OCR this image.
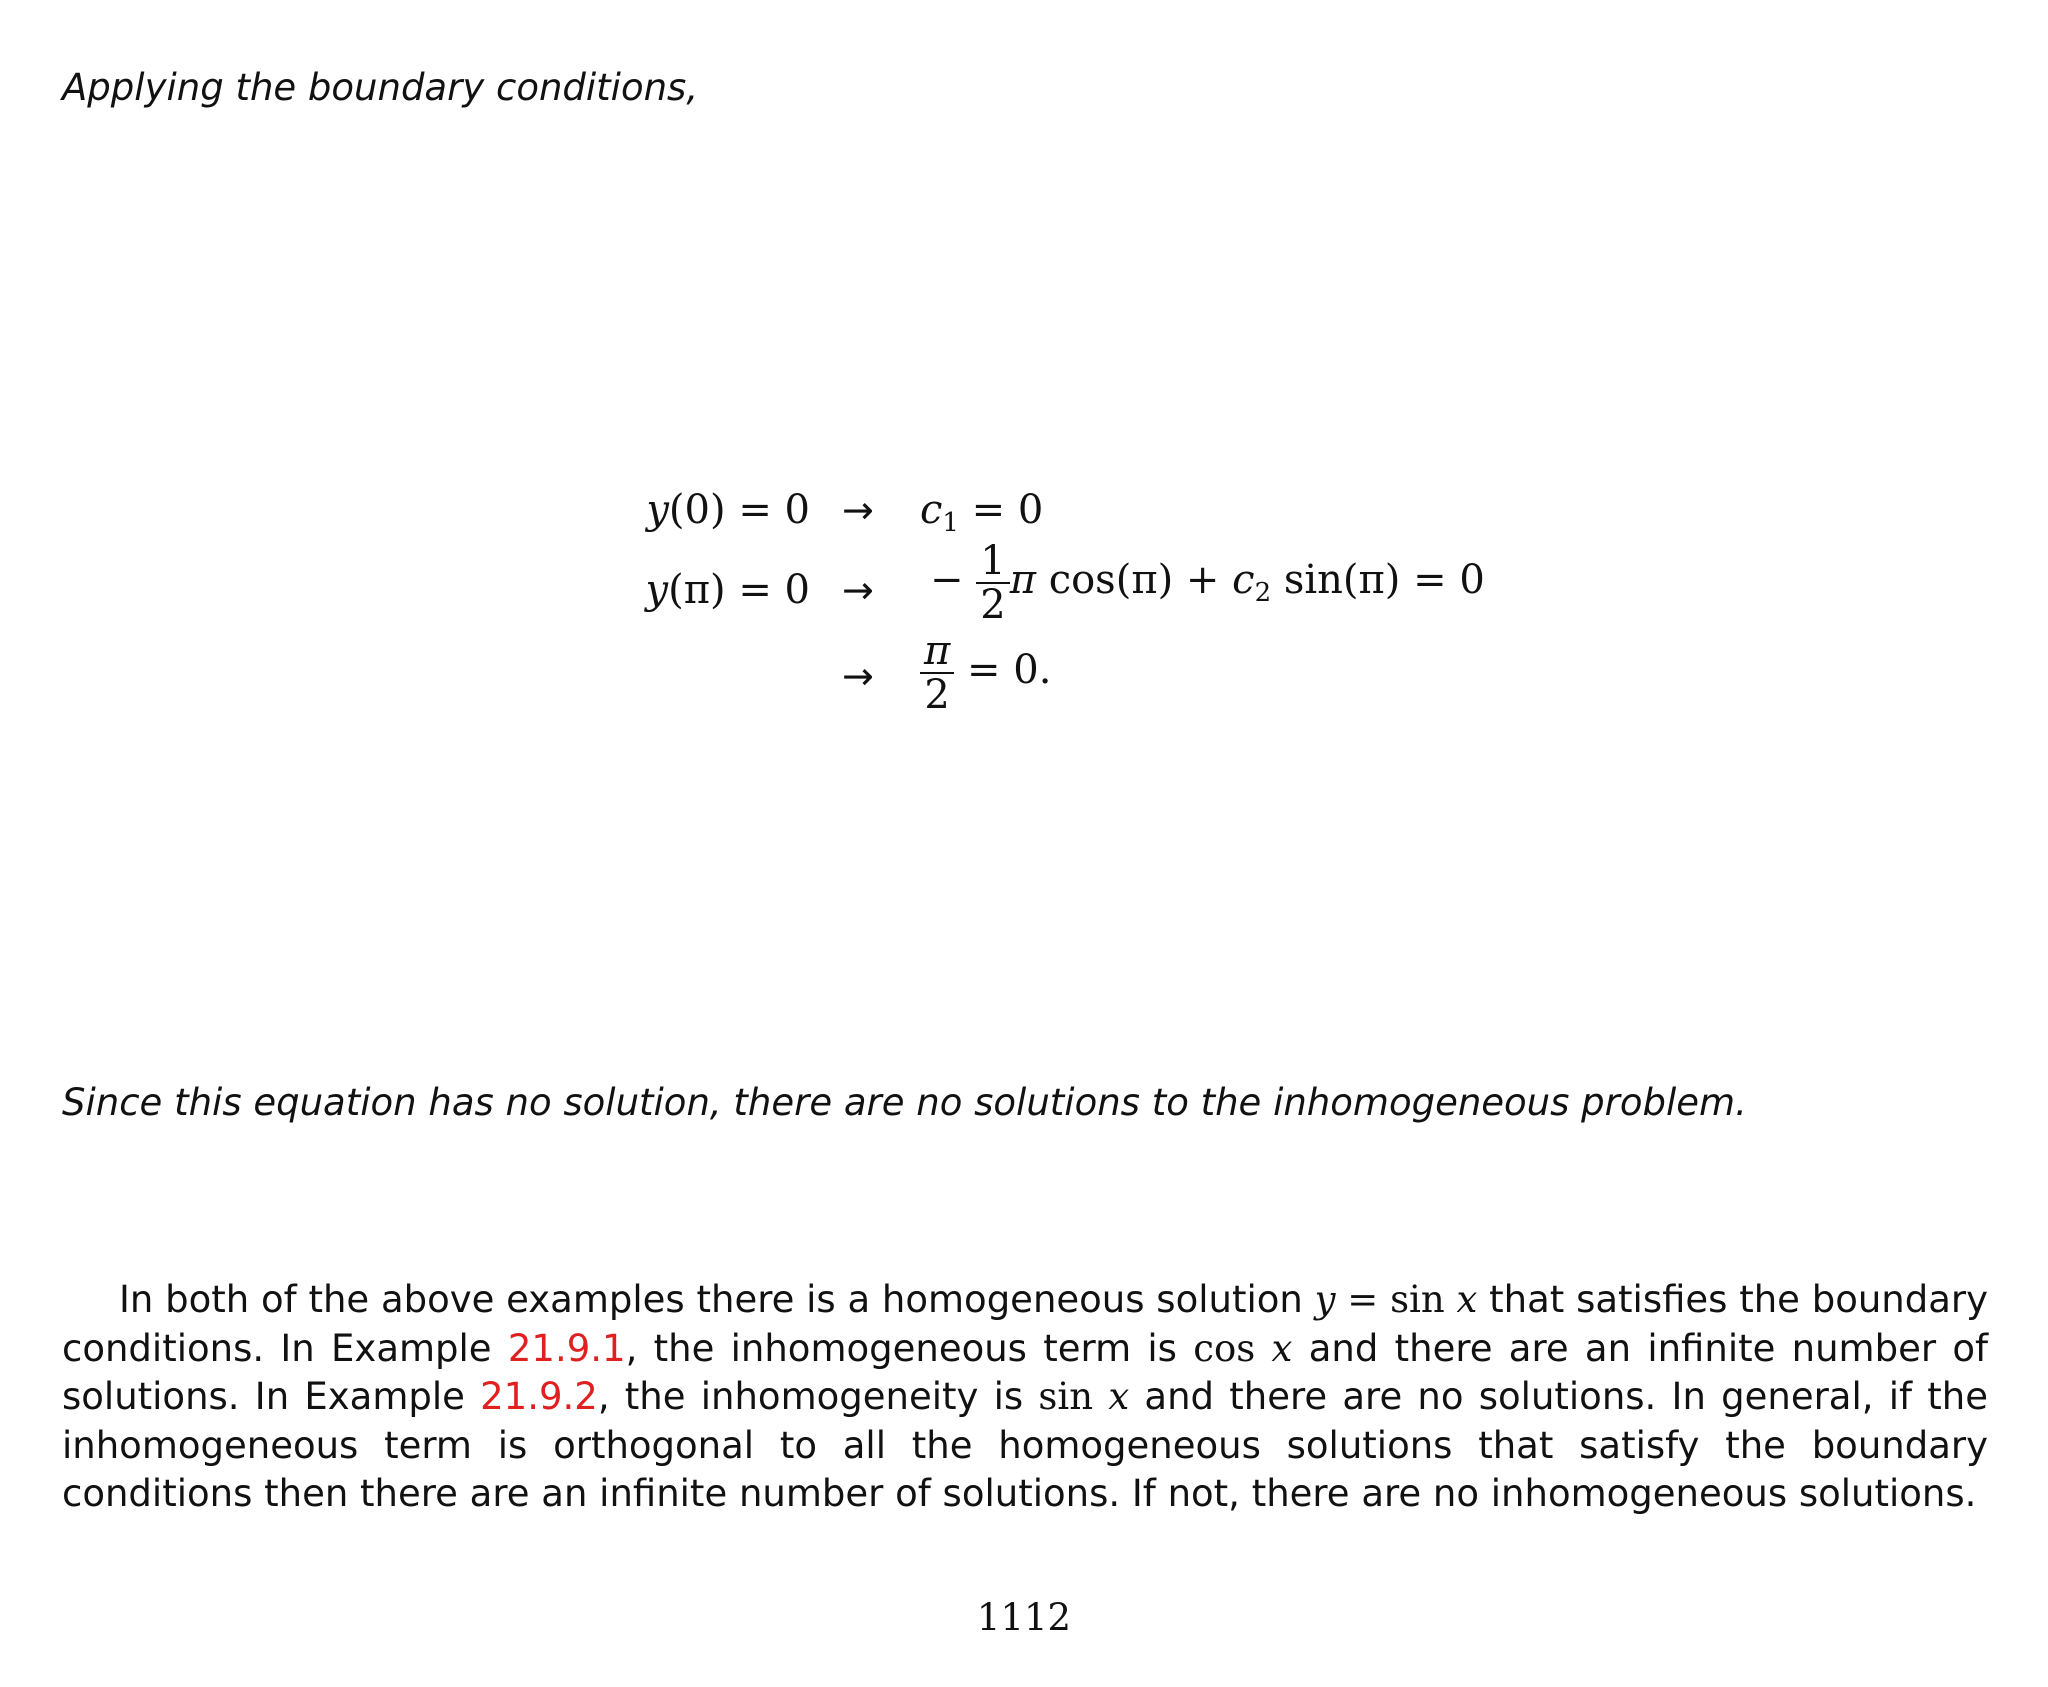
Applying the boundary conditions,
$y(0) = 0 \to c_1 = 0$
y(π) = 0 → − $\frac{1}{2}$ π $\cos(\pi) + c_2$ sin(π) = 0
→ $\frac{\pi}{2} = 0$.
Since this equation has no solution, there are no solutions to the inhomogeneous problem.
In both of the above examples there is a homogeneous solution y = sin x that satisfies the boundary conditions. In Example 21.9.1, the inhomogeneous term is cos x and there are an infinite number of solutions. In Example 21.9.2, the inhomogeneity is sin x and there are no solutions. In general, if the inhomogeneous term is orthogonal to all the homogeneous solutions that satisfy the boundary conditions then there are an infinite number of solutions. If not, there are no inhomogeneous solutions.
1112
